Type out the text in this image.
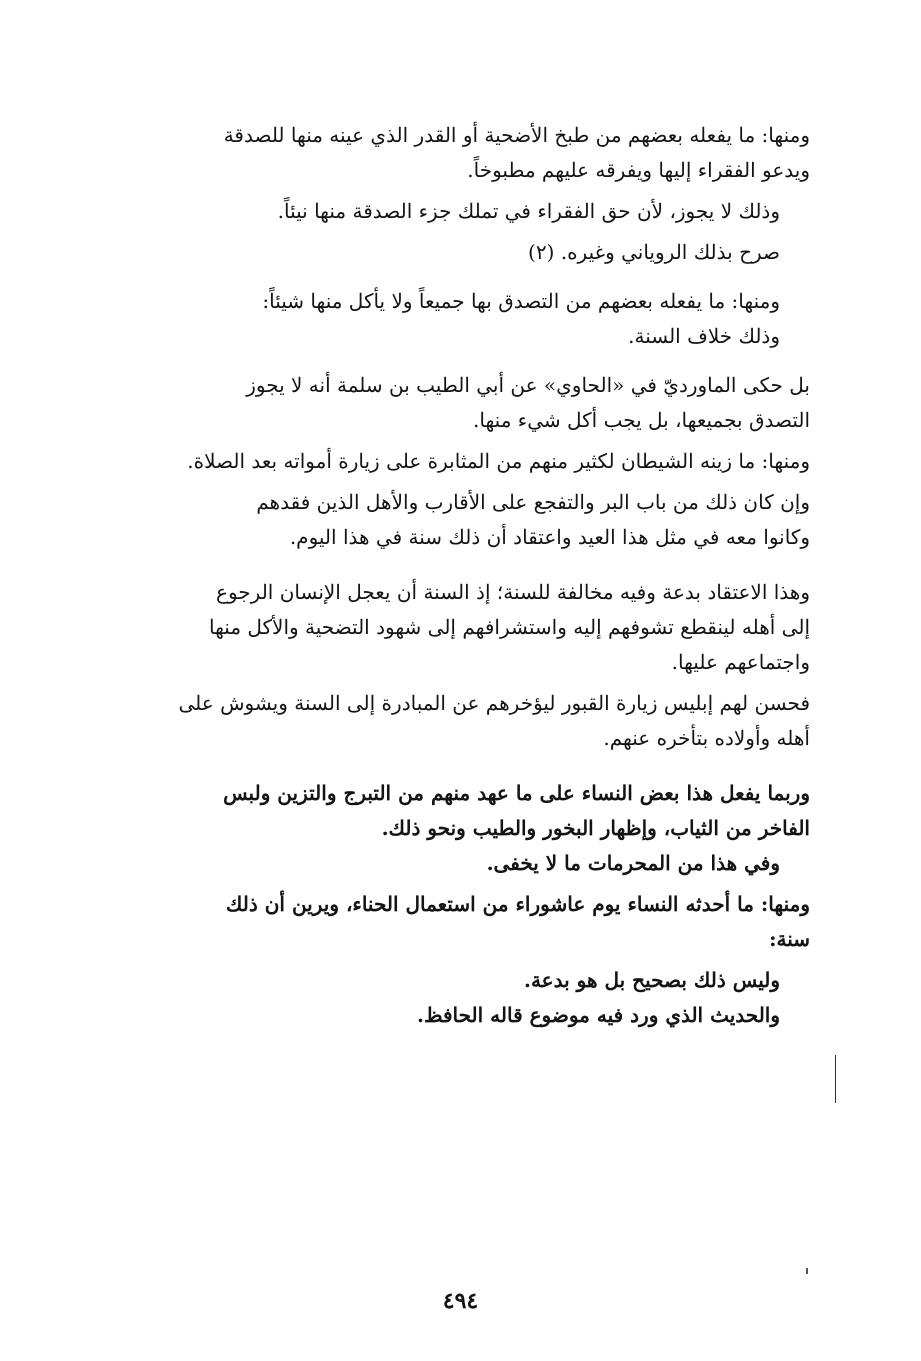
ومنها: ما يفعله بعضهم من طبخ الأضحية أو القدر الذي عينه منها للصدقة
ويدعو الفقراء إليها ويفرقه عليهم مطبوخاً.

وذلك لا يجوز، لأن حق الفقراء في تملك جزء الصدقة منها نيئاً.

صرح بذلك الروياني وغيره. (٢)

ومنها: ما يفعله بعضهم من التصدق بها جميعاً ولا يأكل منها شيئاً:
وذلك خلاف السنة.

بل حكى الماورديّ في «الحاوي» عن أبي الطيب بن سلمة أنه لا يجوز
التصدق بجميعها، بل يجب أكل شيء منها.

ومنها: ما زينه الشيطان لكثير منهم من المثابرة على زيارة أمواته بعد الصلاة.

وإن كان ذلك من باب البر والتفجع على الأقارب والأهل الذين فقدهم
وكانوا معه في مثل هذا العيد واعتقاد أن ذلك سنة في هذا اليوم.

وهذا الاعتقاد بدعة وفيه مخالفة للسنة؛ إذ السنة أن يعجل الإنسان الرجوع
إلى أهله لينقطع تشوفهم إليه واستشرافهم إلى شهود التضحية والأكل منها
واجتماعهم عليها.

فحسن لهم إبليس زيارة القبور ليؤخرهم عن المبادرة إلى السنة ويشوش على
أهله وأولاده بتأخره عنهم.

وربما يفعل هذا بعض النساء على ما عهد منهم من التبرج والتزين ولبس
الفاخر من الثياب، وإظهار البخور والطيب ونحو ذلك.

وفي هذا من المحرمات ما لا يخفى.

ومنها: ما أحدثه النساء يوم عاشوراء من استعمال الحناء، ويرين أن ذلك
سنة:

وليس ذلك بصحيح بل هو بدعة.

والحديث الذي ورد فيه موضوع قاله الحافظ.

٤٩٤
